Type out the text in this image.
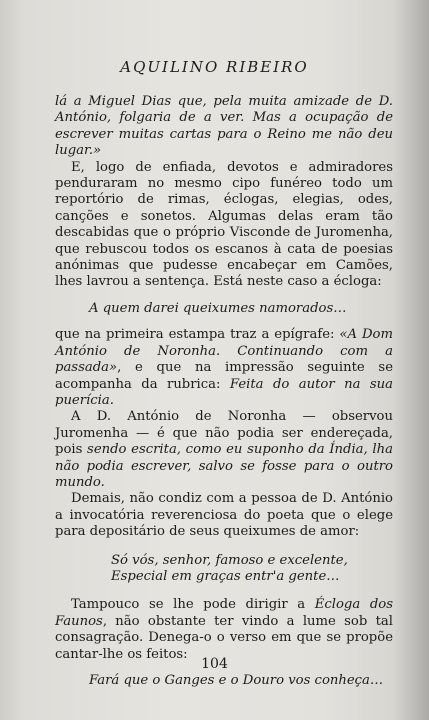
AQUILINO RIBEIRO

lá a Miguel Dias que, pela muita amizade de D. António, folgaria de a ver. Mas a ocupação de escrever muitas cartas para o Reino me não deu lugar.»

E, logo de enfiada, devotos e admiradores penduraram no mesmo cipo funéreo todo um reportório de rimas, éclogas, elegias, odes, canções e sonetos. Algumas delas eram tão descabidas que o próprio Visconde de Juromenha, que rebuscou todos os escanos à cata de poesias anónimas que pudesse encabeçar em Camões, lhes lavrou a sentença. Está neste caso a écloga:

A quem darei queixumes namorados…

que na primeira estampa traz a epígrafe: «A Dom António de Noronha. Continuando com a passada», e que na impressão seguinte se acompanha da rubrica: Feita do autor na sua puerícia.

A D. António de Noronha — observou Juromenha — é que não podia ser endereçada, pois sendo escrita, como eu suponho da Índia, lha não podia escrever, salvo se fosse para o outro mundo.

Demais, não condiz com a pessoa de D. António a invocatória reverenciosa do poeta que o elege para depositário de seus queixumes de amor:

Só vós, senhor, famoso e excelente,
Especial em graças entr'a gente…

Tampouco se lhe pode dirigir a Écloga dos Faunos, não obstante ter vindo a lume sob tal consagração. Denega-o o verso em que se propõe cantar-lhe os feitos:

Fará que o Ganges e o Douro vos conheça…

104
